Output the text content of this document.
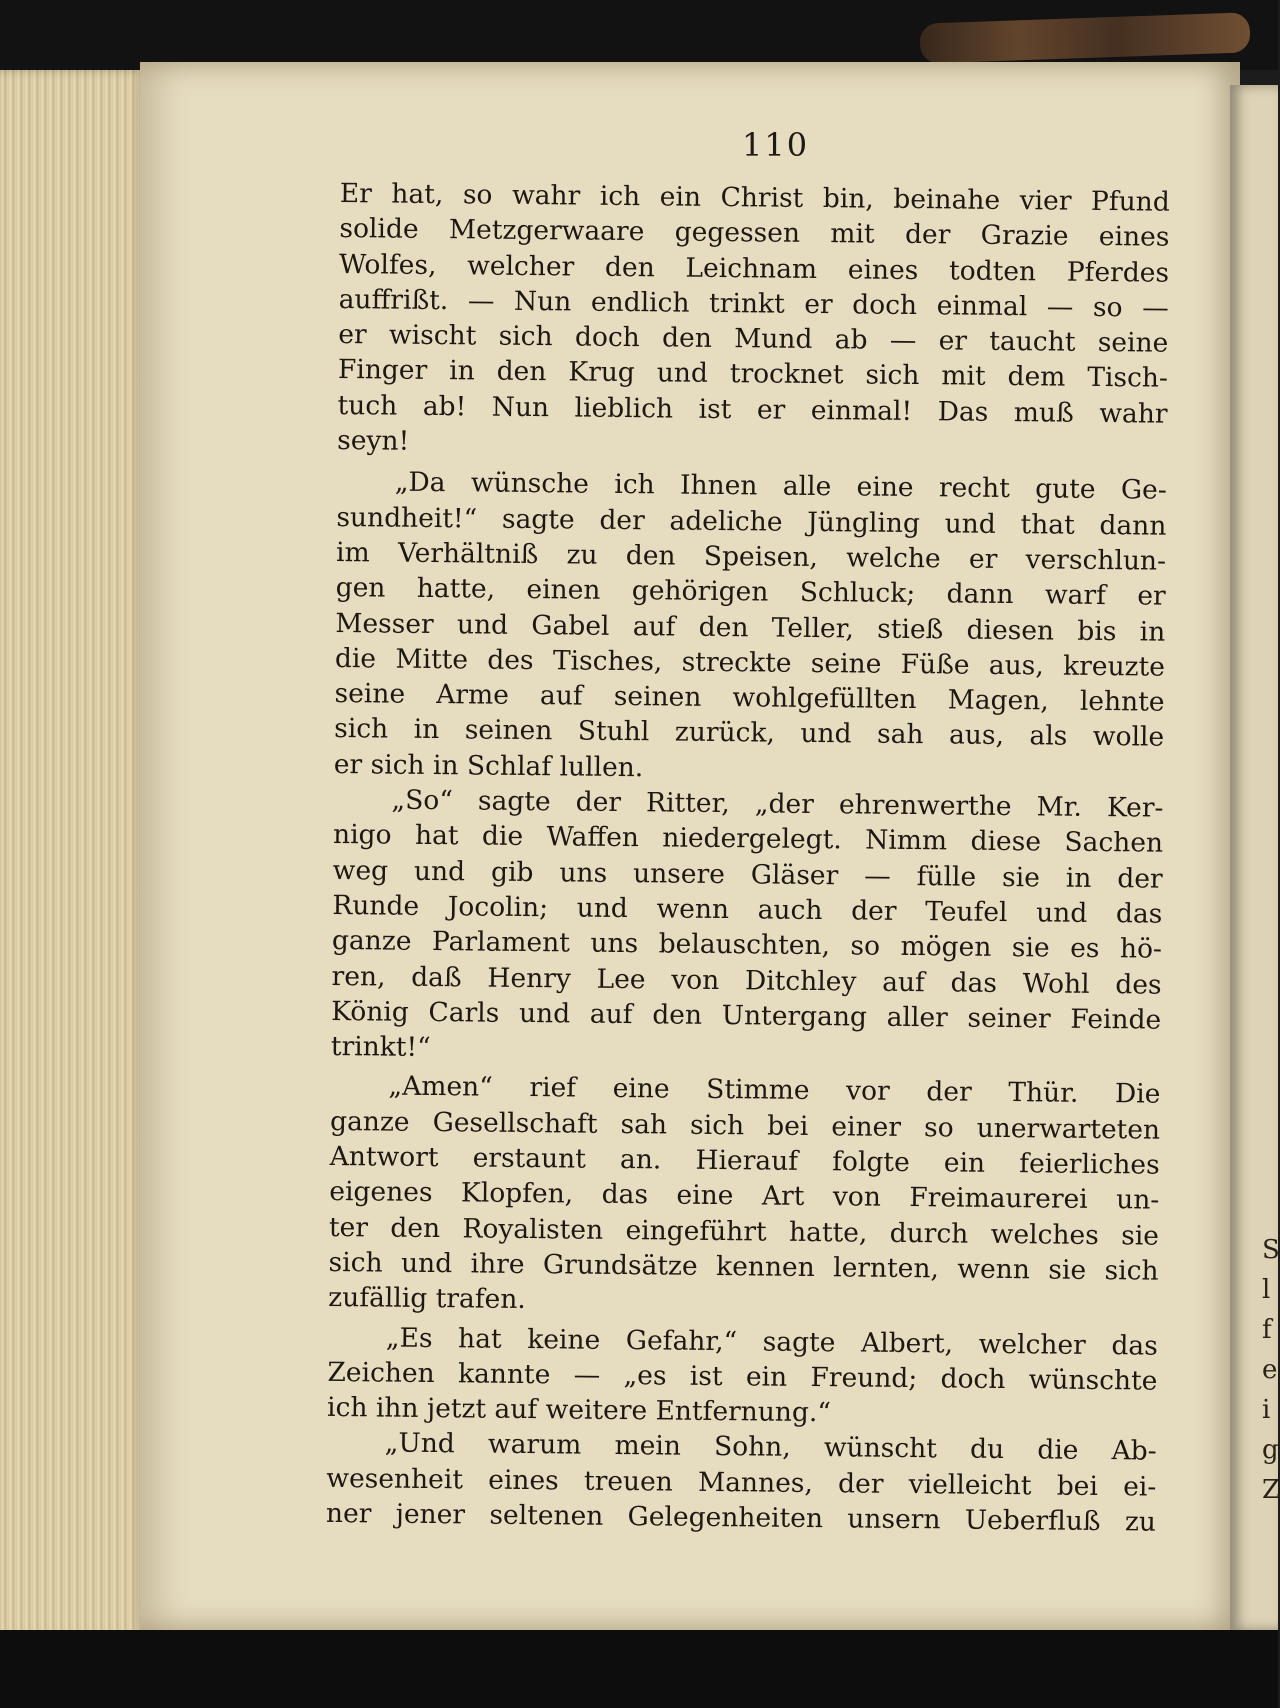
S
l
f
e
i
g
Z
110
Er hat, so wahr ich ein Christ bin, beinahe vier Pfund
solide Metzgerwaare gegessen mit der Grazie eines
Wolfes, welcher den Leichnam eines todten Pferdes
auffrißt. — Nun endlich trinkt er doch einmal — so —
er wischt sich doch den Mund ab — er taucht seine
Finger in den Krug und trocknet sich mit dem Tisch-
tuch ab! Nun lieblich ist er einmal! Das muß wahr
seyn!
„Da wünsche ich Ihnen alle eine recht gute Ge-
sundheit!“ sagte der adeliche Jüngling und that dann
im Verhältniß zu den Speisen, welche er verschlun-
gen hatte, einen gehörigen Schluck; dann warf er
Messer und Gabel auf den Teller, stieß diesen bis in
die Mitte des Tisches, streckte seine Füße aus, kreuzte
seine Arme auf seinen wohlgefüllten Magen, lehnte
sich in seinen Stuhl zurück, und sah aus, als wolle
er sich in Schlaf lullen.
„So“ sagte der Ritter, „der ehrenwerthe Mr. Ker-
nigo hat die Waffen niedergelegt. Nimm diese Sachen
weg und gib uns unsere Gläser — fülle sie in der
Runde Jocolin; und wenn auch der Teufel und das
ganze Parlament uns belauschten, so mögen sie es hö-
ren, daß Henry Lee von Ditchley auf das Wohl des
König Carls und auf den Untergang aller seiner Feinde
trinkt!“
„Amen“ rief eine Stimme vor der Thür. Die
ganze Gesellschaft sah sich bei einer so unerwarteten
Antwort erstaunt an. Hierauf folgte ein feierliches
eigenes Klopfen, das eine Art von Freimaurerei un-
ter den Royalisten eingeführt hatte, durch welches sie
sich und ihre Grundsätze kennen lernten, wenn sie sich
zufällig trafen.
„Es hat keine Gefahr,“ sagte Albert, welcher das
Zeichen kannte — „es ist ein Freund; doch wünschte
ich ihn jetzt auf weitere Entfernung.“
„Und warum mein Sohn, wünscht du die Ab-
wesenheit eines treuen Mannes, der vielleicht bei ei-
ner jener seltenen Gelegenheiten unsern Ueberfluß zu
